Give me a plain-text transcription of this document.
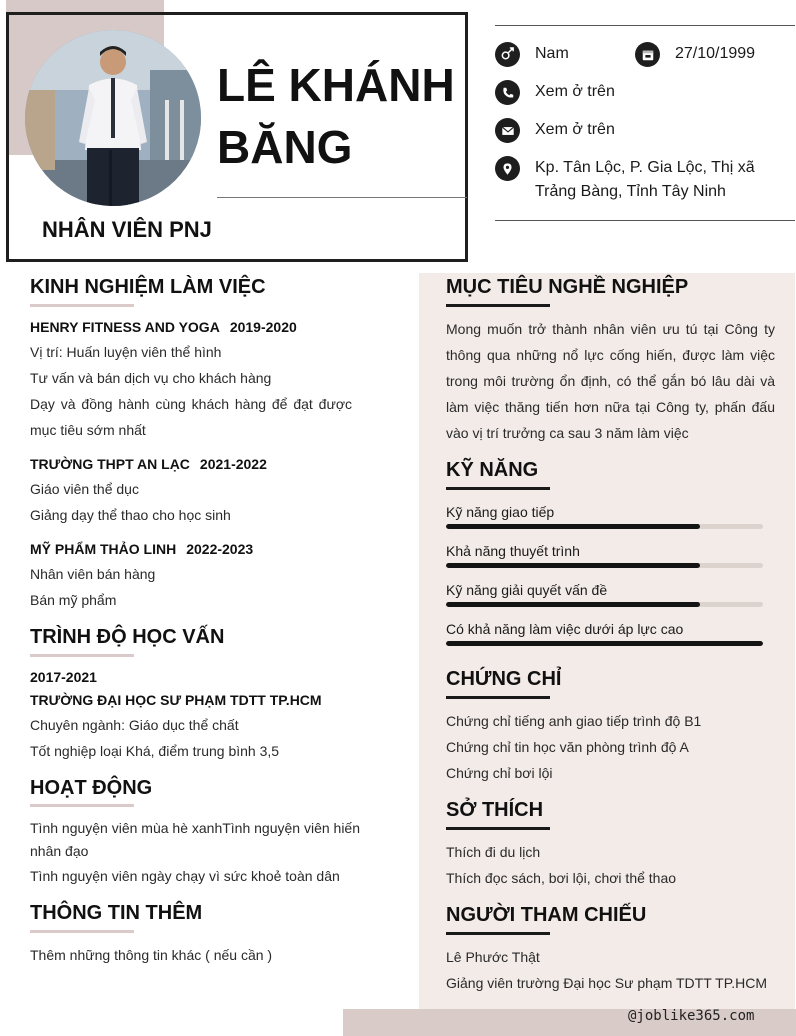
LÊ KHÁNH
BĂNG
NHÂN VIÊN PNJ
Nam	27/10/1999
Xem ở trên
Xem ở trên
Kp. Tân Lộc, P. Gia Lộc, Thị xã
Trảng Bàng, Tỉnh Tây Ninh
KINH NGHIỆM LÀM VIỆC
HENRY FITNESS AND YOGA 2019-2020
Vị trí: Huấn luyện viên thể hình
Tư vấn và bán dịch vụ cho khách hàng
Dạy và đồng hành cùng khách hàng để đạt được mục tiêu sớm nhất
TRƯỜNG THPT AN LẠC 2021-2022
Giáo viên thể dục
Giảng dạy thể thao cho học sinh
MỸ PHẨM THẢO LINH 2022-2023
Nhân viên bán hàng
Bán mỹ phẩm
TRÌNH ĐỘ HỌC VẤN
2017-2021
TRƯỜNG ĐẠI HỌC SƯ PHẠM TDTT TP.HCM
Chuyên ngành: Giáo dục thể chất
Tốt nghiệp loại Khá, điểm trung bình 3,5
HOẠT ĐỘNG
Tình nguyện viên mùa hè xanhTình nguyện viên hiến nhân đạo
Tình nguyện viên ngày chạy vì sức khoẻ toàn dân
THÔNG TIN THÊM
Thêm những thông tin khác ( nếu cần )
MỤC TIÊU NGHỀ NGHIỆP
Mong muốn trở thành nhân viên ưu tú tại Công ty thông qua những nổ lực cống hiến, được làm việc trong môi trường ổn định, có thể gắn bó lâu dài và làm việc thăng tiến hơn nữa tại Công ty, phấn đấu vào vị trí trưởng ca sau 3 năm làm việc
KỸ NĂNG
Kỹ năng giao tiếp
Khả năng thuyết trình
Kỹ năng giải quyết vấn đề
Có khả năng làm việc dưới áp lực cao
CHỨNG CHỈ
Chứng chỉ tiếng anh giao tiếp trình độ B1
Chứng chỉ tin học văn phòng trình độ A
Chứng chỉ bơi lội
SỞ THÍCH
Thích đi du lịch
Thích đọc sách, bơi lội, chơi thể thao
NGƯỜI THAM CHIẾU
Lê Phước Thật
Giảng viên trường Đại học Sư phạm TDTT TP.HCM
@joblike365.com
